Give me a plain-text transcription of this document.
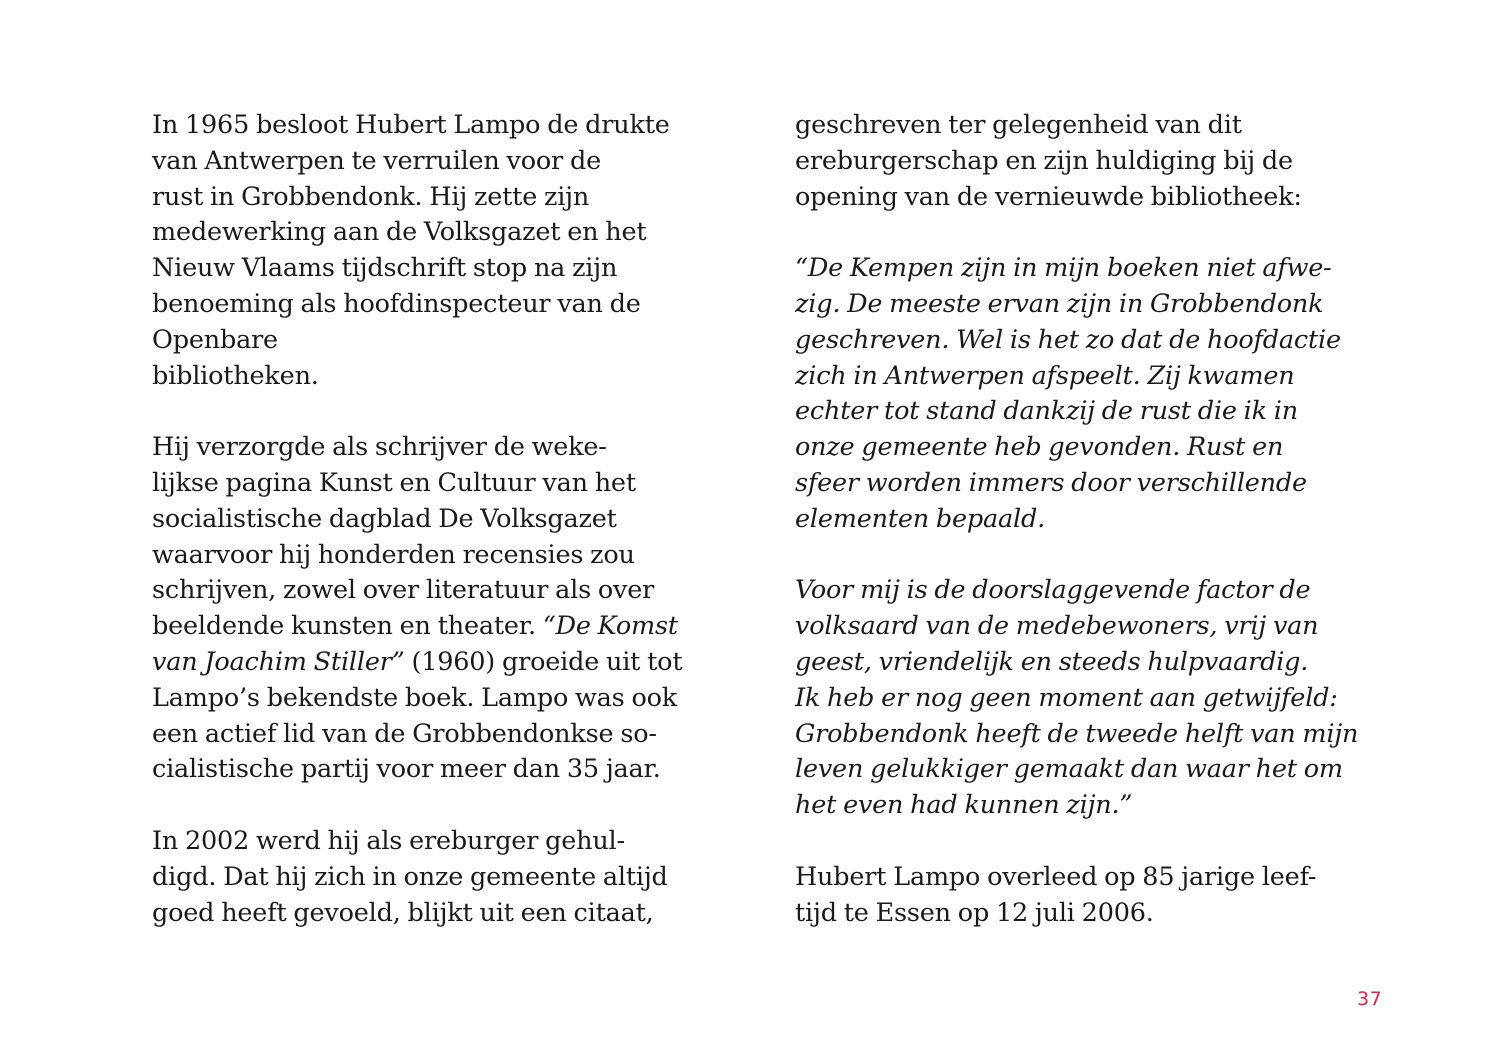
In 1965 besloot Hubert Lampo de drukte
van Antwerpen te verruilen voor de
rust in Grobbendonk. Hij zette zijn
medewerking aan de Volksgazet en het
Nieuw Vlaams tijdschrift stop na zijn
benoeming als hoofdinspecteur van de
Openbare
bibliotheken.
Hij verzorgde als schrijver de weke-
lijkse pagina Kunst en Cultuur van het
socialistische dagblad De Volksgazet
waarvoor hij honderden recensies zou
schrijven, zowel over literatuur als over
beeldende kunsten en theater. “De Komst
van Joachim Stiller” (1960) groeide uit tot
Lampo’s bekendste boek. Lampo was ook
een actief lid van de Grobbendonkse so-
cialistische partij voor meer dan 35 jaar.
In 2002 werd hij als ereburger gehul-
digd. Dat hij zich in onze gemeente altijd
goed heeft gevoeld, blijkt uit een citaat,
geschreven ter gelegenheid van dit
ereburgerschap en zijn huldiging bij de
opening van de vernieuwde bibliotheek:
“De Kempen zijn in mijn boeken niet afwe-
zig. De meeste ervan zijn in Grobbendonk
geschreven. Wel is het zo dat de hoofdactie
zich in Antwerpen afspeelt. Zij kwamen
echter tot stand dankzij de rust die ik in
onze gemeente heb gevonden. Rust en
sfeer worden immers door verschillende
elementen bepaald.
Voor mij is de doorslaggevende factor de
volksaard van de medebewoners, vrij van
geest, vriendelijk en steeds hulpvaardig.
Ik heb er nog geen moment aan getwijfeld:
Grobbendonk heeft de tweede helft van mijn
leven gelukkiger gemaakt dan waar het om
het even had kunnen zijn.”
Hubert Lampo overleed op 85 jarige leef-
tijd te Essen op 12 juli 2006.
37
